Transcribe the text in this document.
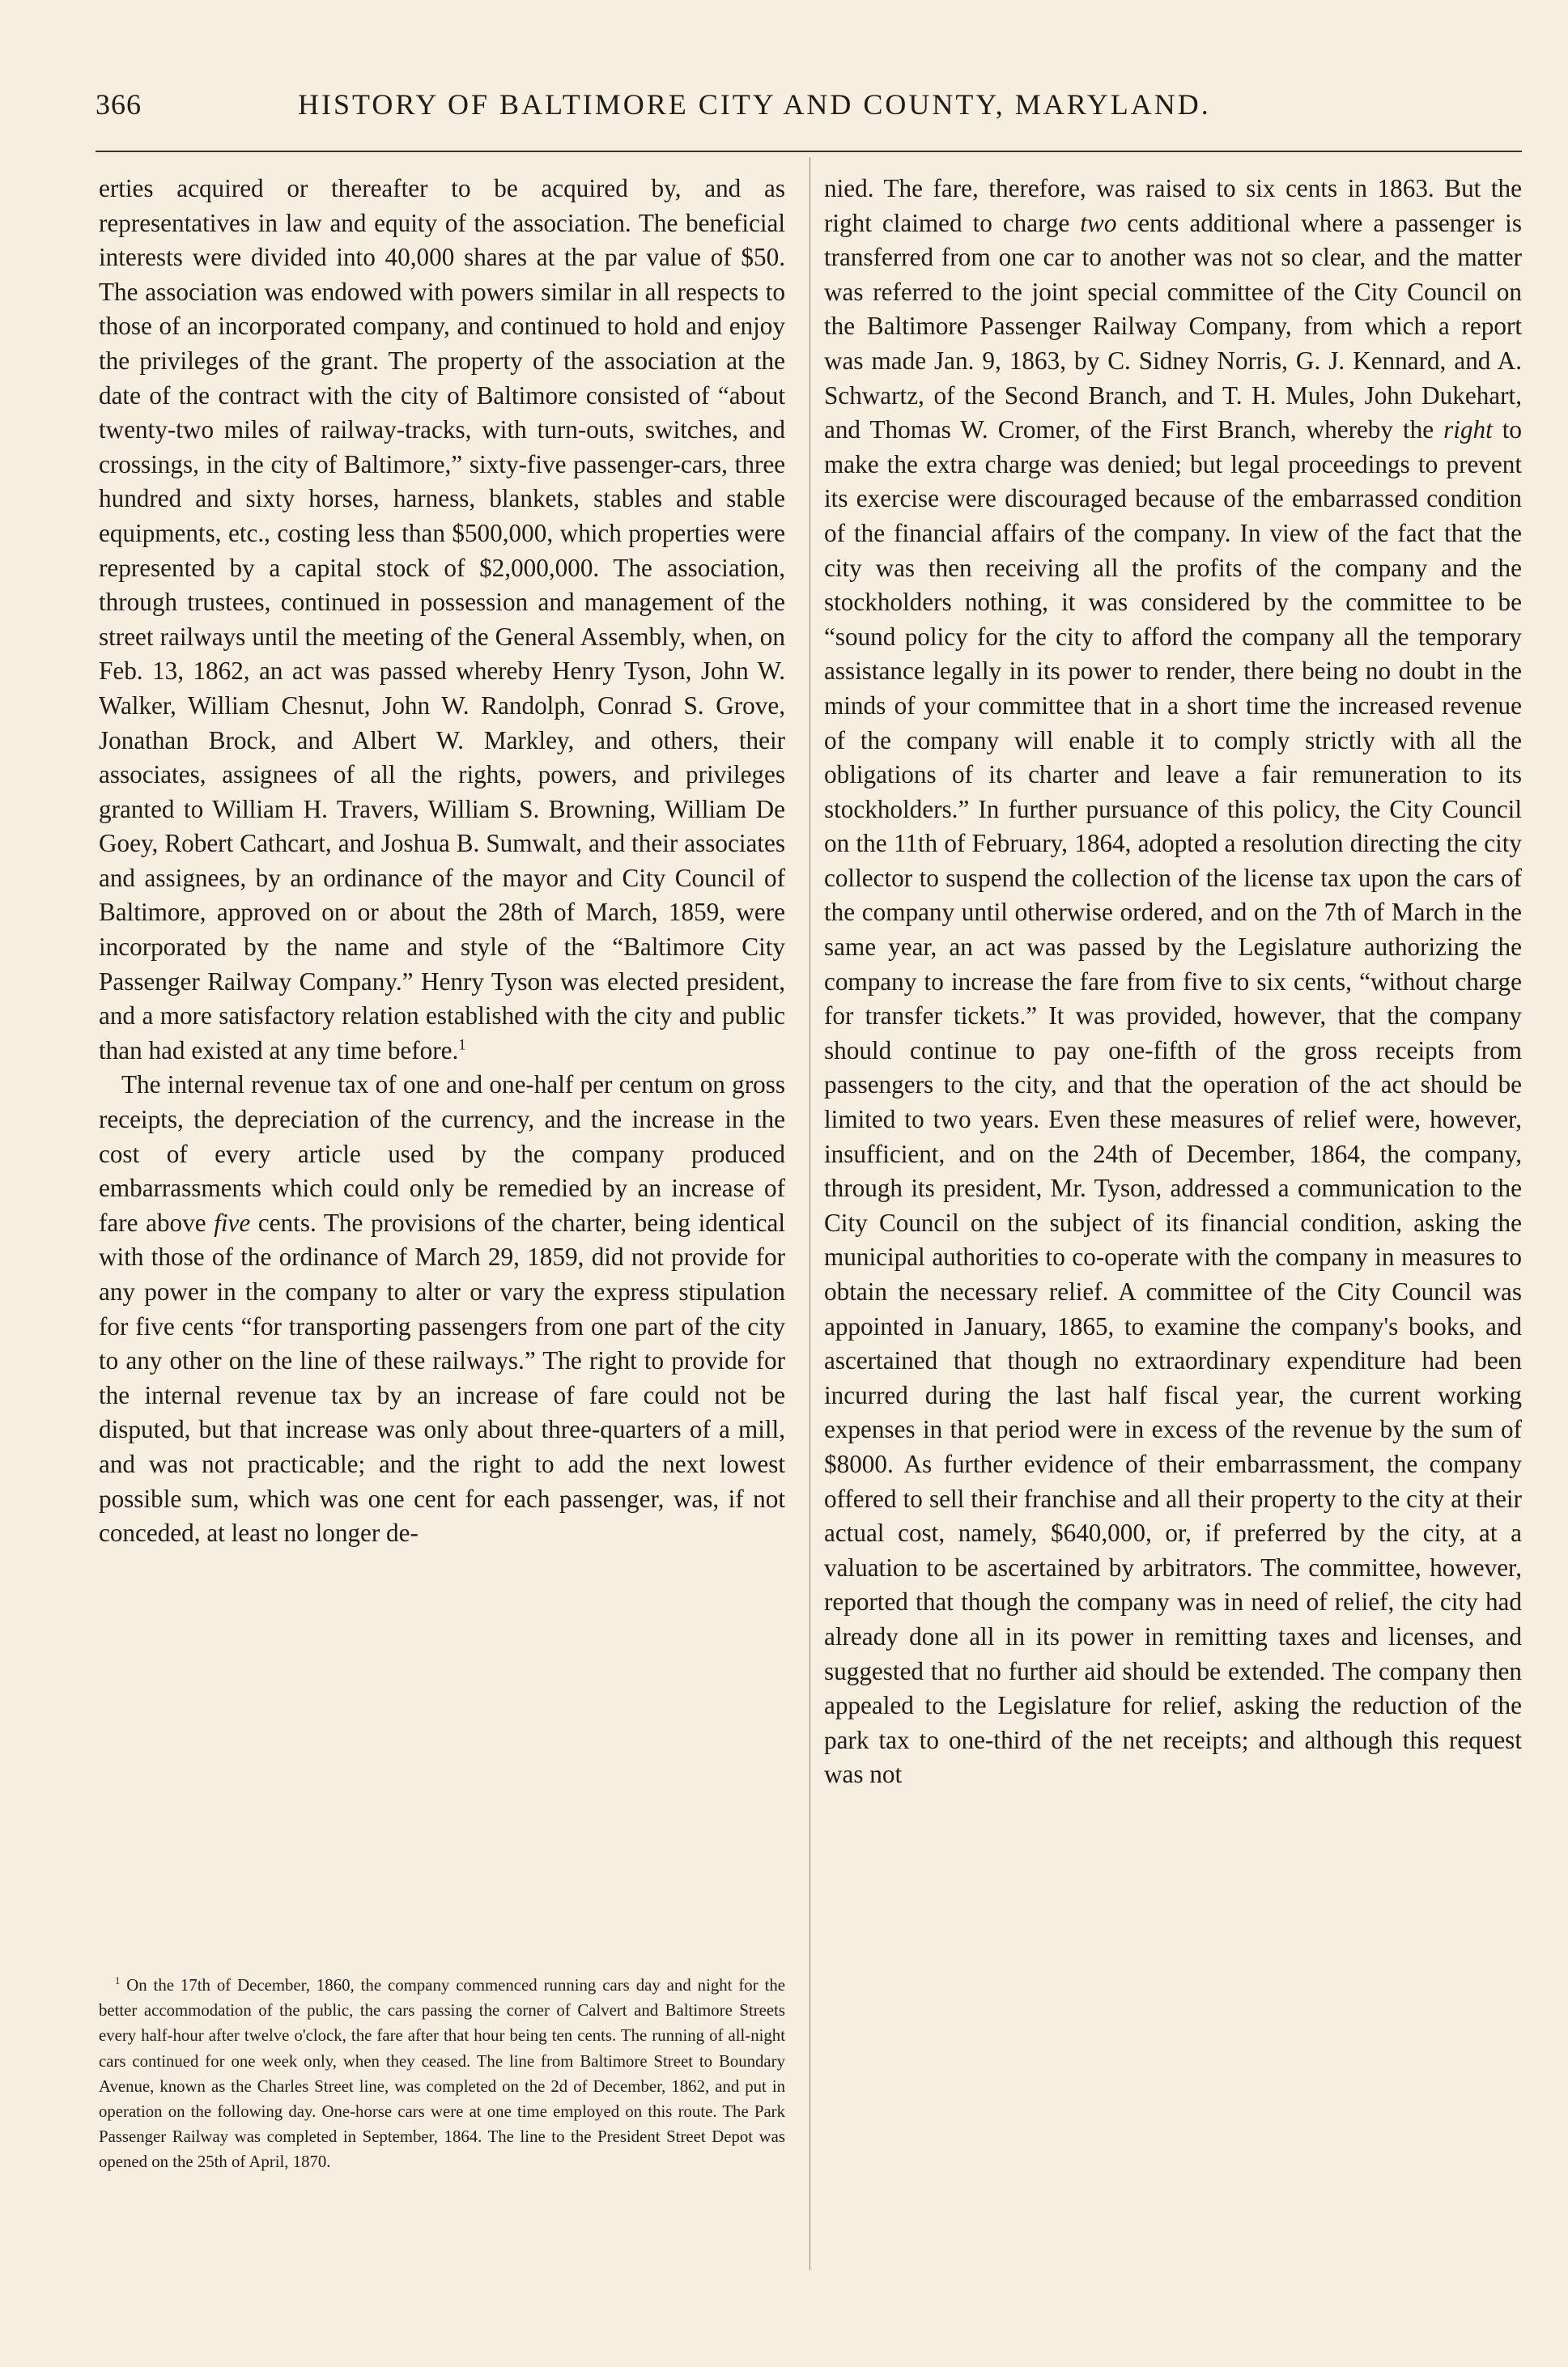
366	HISTORY OF BALTIMORE CITY AND COUNTY, MARYLAND.

erties acquired or thereafter to be acquired by, and as representatives in law and equity of the association. The beneficial interests were divided into 40,000 shares at the par value of $50. The association was endowed with powers similar in all respects to those of an incorporated company, and continued to hold and enjoy the privileges of the grant. The property of the association at the date of the contract with the city of Baltimore consisted of “about twenty-two miles of railway-tracks, with turn-outs, switches, and crossings, in the city of Baltimore,” sixty-five passenger-cars, three hundred and sixty horses, harness, blankets, stables and stable equipments, etc., costing less than $500,000, which properties were represented by a capital stock of $2,000,000. The association, through trustees, continued in possession and management of the street railways until the meeting of the General Assembly, when, on Feb. 13, 1862, an act was passed whereby Henry Tyson, John W. Walker, William Chesnut, John W. Randolph, Conrad S. Grove, Jonathan Brock, and Albert W. Markley, and others, their associates, assignees of all the rights, powers, and privileges granted to William H. Travers, William S. Browning, William De Goey, Robert Cathcart, and Joshua B. Sumwalt, and their associates and assignees, by an ordinance of the mayor and City Council of Baltimore, approved on or about the 28th of March, 1859, were incorporated by the name and style of the “Baltimore City Passenger Railway Company.” Henry Tyson was elected president, and a more satisfactory relation established with the city and public than had existed at any time before.$^1$

The internal revenue tax of one and one-half per centum on gross receipts, the depreciation of the currency, and the increase in the cost of every article used by the company produced embarrassments which could only be remedied by an increase of fare above five cents. The provisions of the charter, being identical with those of the ordinance of March 29, 1859, did not provide for any power in the company to alter or vary the express stipulation for five cents “for transporting passengers from one part of the city to any other on the line of these railways.” The right to provide for the internal revenue tax by an increase of fare could not be disputed, but that increase was only about three-quarters of a mill, and was not practicable; and the right to add the next lowest possible sum, which was one cent for each passenger, was, if not conceded, at least no longer de-

$^1$ On the 17th of December, 1860, the company commenced running cars day and night for the better accommodation of the public, the cars passing the corner of Calvert and Baltimore Streets every half-hour after twelve o'clock, the fare after that hour being ten cents. The running of all-night cars continued for one week only, when they ceased. The line from Baltimore Street to Boundary Avenue, known as the Charles Street line, was completed on the 2d of December, 1862, and put in operation on the following day. One-horse cars were at one time employed on this route. The Park Passenger Railway was completed in September, 1864. The line to the President Street Depot was opened on the 25th of April, 1870.

nied. The fare, therefore, was raised to six cents in 1863. But the right claimed to charge two cents additional where a passenger is transferred from one car to another was not so clear, and the matter was referred to the joint special committee of the City Council on the Baltimore Passenger Railway Company, from which a report was made Jan. 9, 1863, by C. Sidney Norris, G. J. Kennard, and A. Schwartz, of the Second Branch, and T. H. Mules, John Dukehart, and Thomas W. Cromer, of the First Branch, whereby the right to make the extra charge was denied; but legal proceedings to prevent its exercise were discouraged because of the embarrassed condition of the financial affairs of the company. In view of the fact that the city was then receiving all the profits of the company and the stockholders nothing, it was considered by the committee to be “sound policy for the city to afford the company all the temporary assistance legally in its power to render, there being no doubt in the minds of your committee that in a short time the increased revenue of the company will enable it to comply strictly with all the obligations of its charter and leave a fair remuneration to its stockholders.” In further pursuance of this policy, the City Council on the 11th of February, 1864, adopted a resolution directing the city collector to suspend the collection of the license tax upon the cars of the company until otherwise ordered, and on the 7th of March in the same year, an act was passed by the Legislature authorizing the company to increase the fare from five to six cents, “without charge for transfer tickets.” It was provided, however, that the company should continue to pay one-fifth of the gross receipts from passengers to the city, and that the operation of the act should be limited to two years. Even these measures of relief were, however, insufficient, and on the 24th of December, 1864, the company, through its president, Mr. Tyson, addressed a communication to the City Council on the subject of its financial condition, asking the municipal authorities to co-operate with the company in measures to obtain the necessary relief. A committee of the City Council was appointed in January, 1865, to examine the company's books, and ascertained that though no extraordinary expenditure had been incurred during the last half fiscal year, the current working expenses in that period were in excess of the revenue by the sum of $8000. As further evidence of their embarrassment, the company offered to sell their franchise and all their property to the city at their actual cost, namely, $640,000, or, if preferred by the city, at a valuation to be ascertained by arbitrators. The committee, however, reported that though the company was in need of relief, the city had already done all in its power in remitting taxes and licenses, and suggested that no further aid should be extended. The company then appealed to the Legislature for relief, asking the reduction of the park tax to one-third of the net receipts; and although this request was not
